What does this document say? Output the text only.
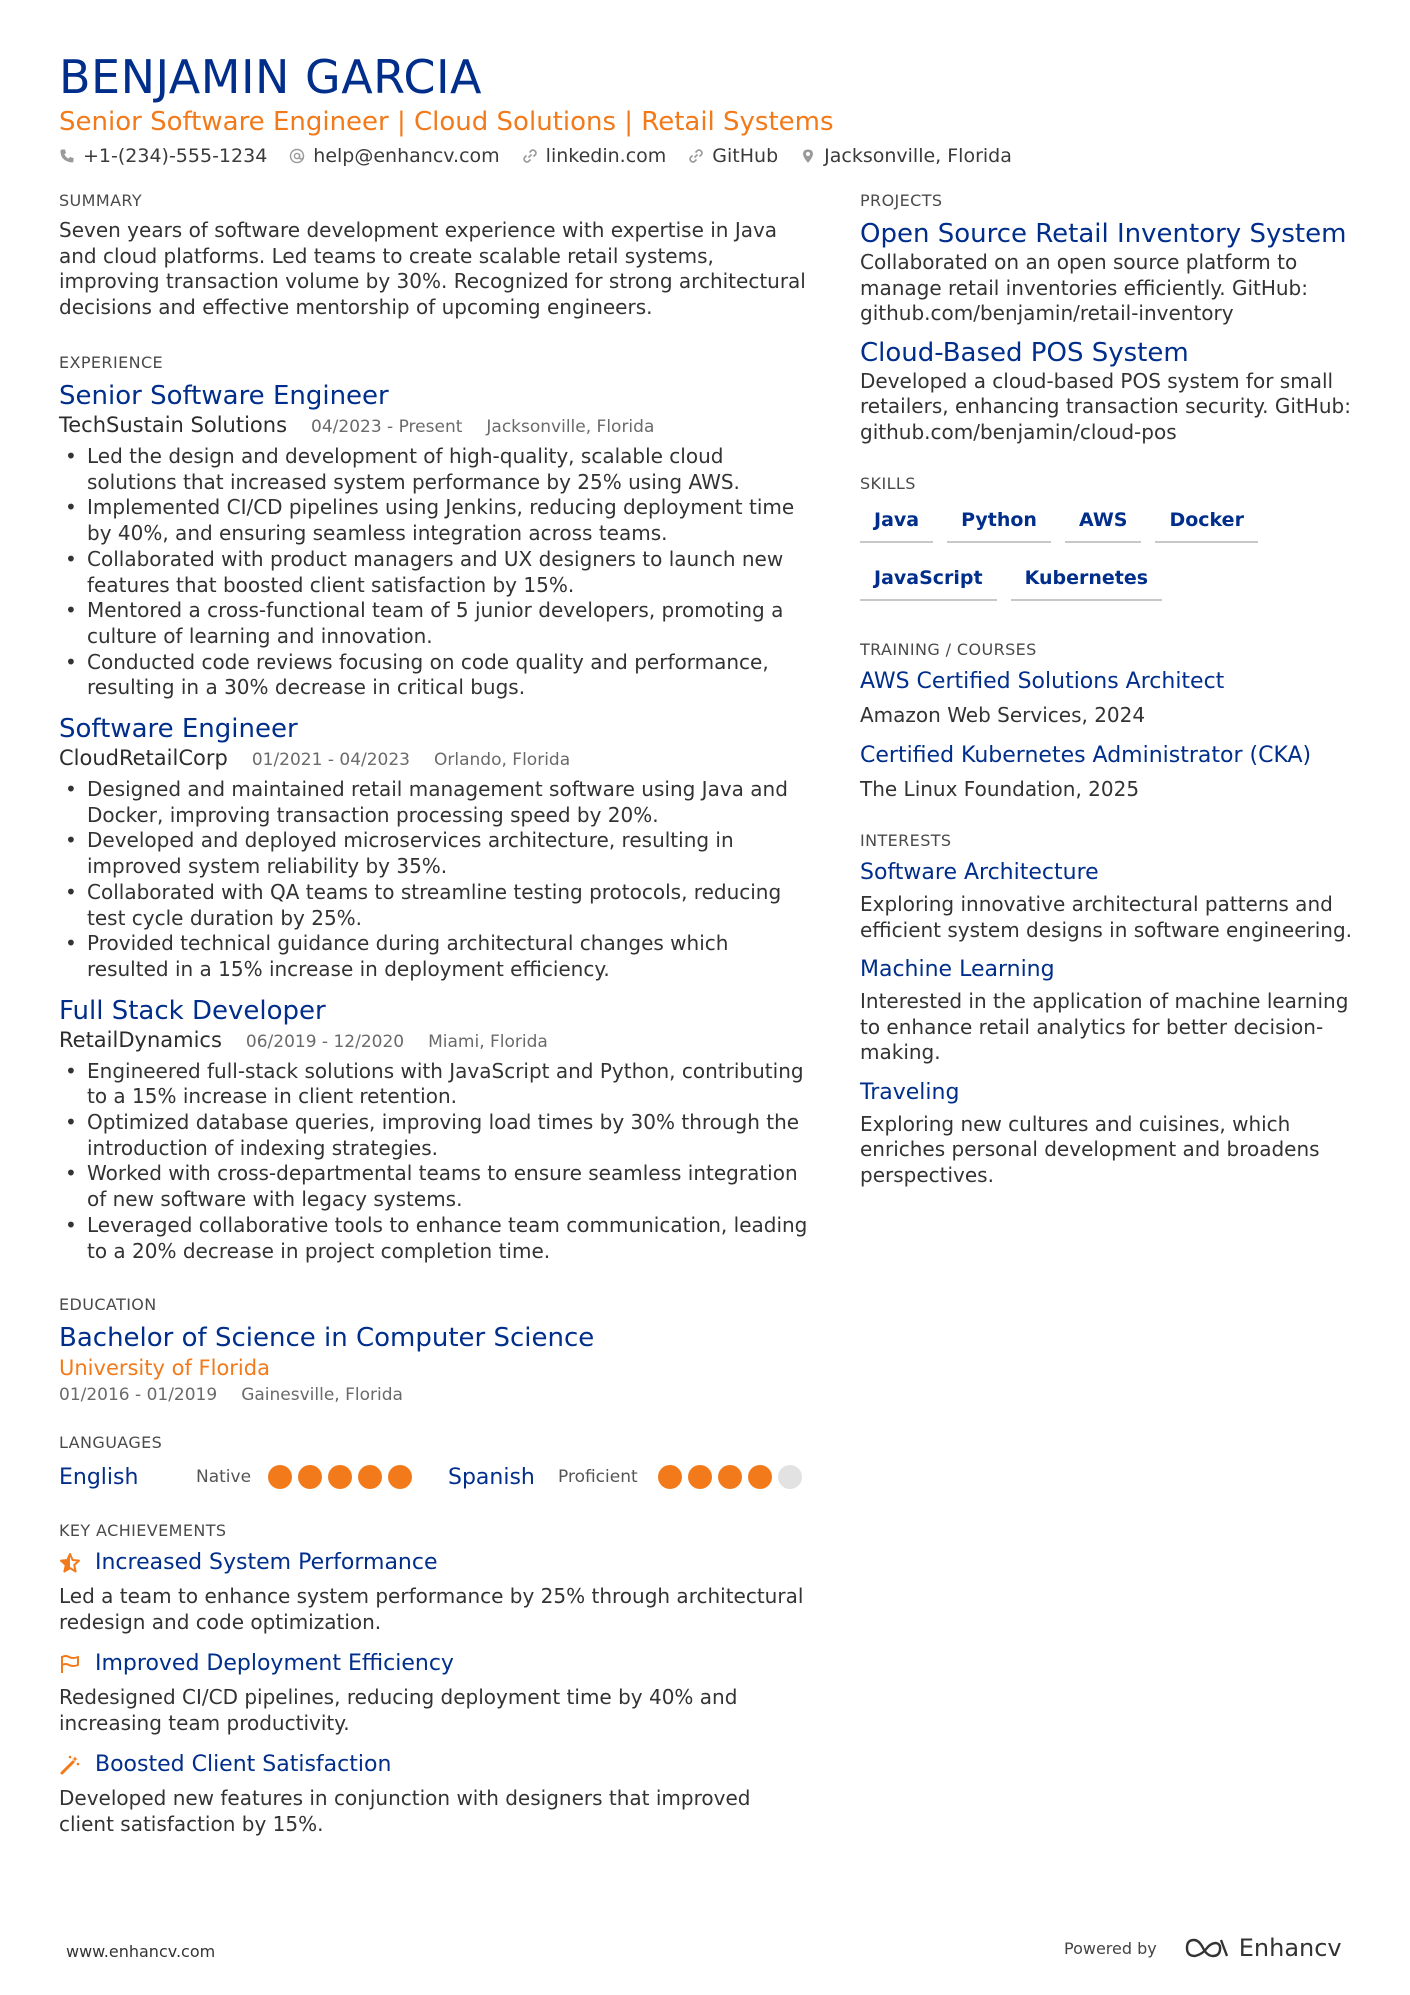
BENJAMIN GARCIA
Senior Software Engineer | Cloud Solutions | Retail Systems
+1-(234)-555-1234 help@enhancv.com linkedin.com GitHub Jacksonville, Florida
SUMMARY
Seven years of software development experience with expertise in Java and cloud platforms. Led teams to create scalable retail systems, improving transaction volume by 30%. Recognized for strong architectural decisions and effective mentorship of upcoming engineers.
EXPERIENCE
Senior Software Engineer
TechSustain Solutions 04/2023 - Present Jacksonville, Florida
• Led the design and development of high-quality, scalable cloud solutions that increased system performance by 25% using AWS.
• Implemented CI/CD pipelines using Jenkins, reducing deployment time by 40%, and ensuring seamless integration across teams.
• Collaborated with product managers and UX designers to launch new features that boosted client satisfaction by 15%.
• Mentored a cross-functional team of 5 junior developers, promoting a culture of learning and innovation.
• Conducted code reviews focusing on code quality and performance, resulting in a 30% decrease in critical bugs.
Software Engineer
CloudRetailCorp 01/2021 - 04/2023 Orlando, Florida
• Designed and maintained retail management software using Java and Docker, improving transaction processing speed by 20%.
• Developed and deployed microservices architecture, resulting in improved system reliability by 35%.
• Collaborated with QA teams to streamline testing protocols, reducing test cycle duration by 25%.
• Provided technical guidance during architectural changes which resulted in a 15% increase in deployment efficiency.
Full Stack Developer
RetailDynamics 06/2019 - 12/2020 Miami, Florida
• Engineered full-stack solutions with JavaScript and Python, contributing to a 15% increase in client retention.
• Optimized database queries, improving load times by 30% through the introduction of indexing strategies.
• Worked with cross-departmental teams to ensure seamless integration of new software with legacy systems.
• Leveraged collaborative tools to enhance team communication, leading to a 20% decrease in project completion time.
EDUCATION
Bachelor of Science in Computer Science
University of Florida
01/2016 - 01/2019 Gainesville, Florida
LANGUAGES
English	Native	Spanish	Proficient
KEY ACHIEVEMENTS
Increased System Performance
Led a team to enhance system performance by 25% through architectural redesign and code optimization.
Improved Deployment Efficiency
Redesigned CI/CD pipelines, reducing deployment time by 40% and increasing team productivity.
Boosted Client Satisfaction
Developed new features in conjunction with designers that improved client satisfaction by 15%.
PROJECTS
Open Source Retail Inventory System
Collaborated on an open source platform to manage retail inventories efficiently. GitHub: github.com/benjamin/retail-inventory
Cloud-Based POS System
Developed a cloud-based POS system for small retailers, enhancing transaction security. GitHub: github.com/benjamin/cloud-pos
SKILLS
Java	Python	AWS	Docker
JavaScript	Kubernetes
TRAINING / COURSES
AWS Certified Solutions Architect
Amazon Web Services, 2024
Certified Kubernetes Administrator (CKA)
The Linux Foundation, 2025
INTERESTS
Software Architecture
Exploring innovative architectural patterns and efficient system designs in software engineering.
Machine Learning
Interested in the application of machine learning to enhance retail analytics for better decision-making.
Traveling
Exploring new cultures and cuisines, which enriches personal development and broadens perspectives.
www.enhancv.com	Powered by	Enhancv
